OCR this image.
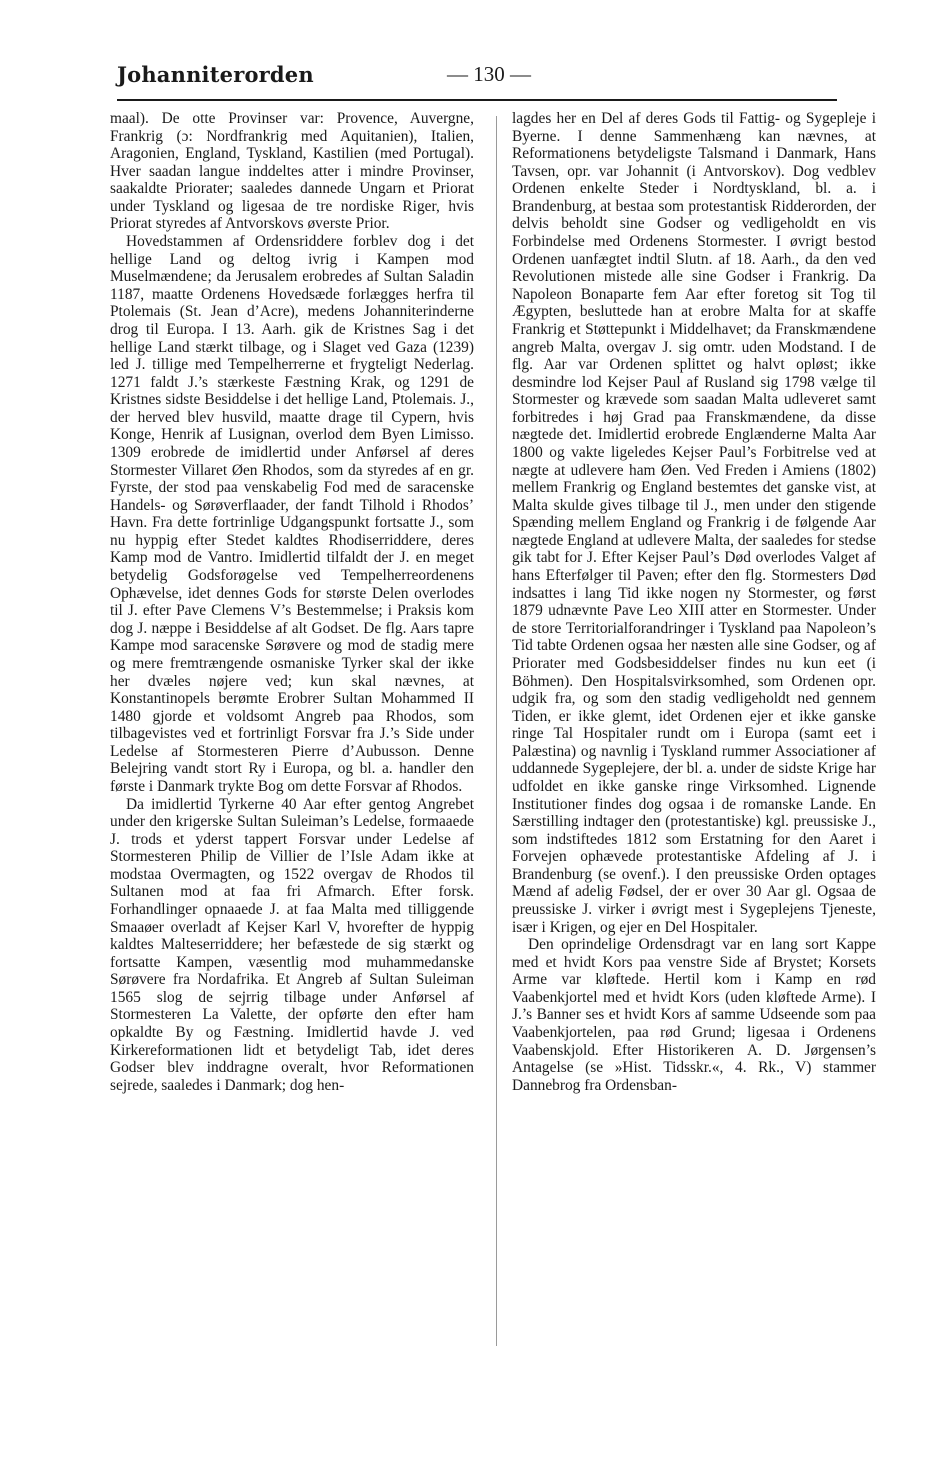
Johanniterorden	— 130 —

maal). De otte Provinser var: Provence, Auvergne, Frankrig (ɔ: Nordfrankrig med Aquitanien), Italien, Aragonien, England, Tyskland, Kastilien (med Portugal). Hver saadan langue inddeltes atter i mindre Provinser, saakaldte Priorater; saaledes dannede Ungarn et Priorat under Tyskland og ligesaa de tre nordiske Riger, hvis Priorat styredes af Antvorskovs øverste Prior.

Hovedstammen af Ordensriddere forblev dog i det hellige Land og deltog ivrig i Kampen mod Muselmændene; da Jerusalem erobredes af Sultan Saladin 1187, maatte Ordenens Hovedsæde forlægges herfra til Ptolemais (St. Jean d’Acre), medens Johanniterinderne drog til Europa. I 13. Aarh. gik de Kristnes Sag i det hellige Land stærkt tilbage, og i Slaget ved Gaza (1239) led J. tillige med Tempelherrerne et frygteligt Nederlag. 1271 faldt J.’s stærkeste Fæstning Krak, og 1291 de Kristnes sidste Besiddelse i det hellige Land, Ptolemais. J., der herved blev husvild, maatte drage til Cypern, hvis Konge, Henrik af Lusignan, overlod dem Byen Limisso. 1309 erobrede de imidlertid under Anførsel af deres Stormester Villaret Øen Rhodos, som da styredes af en gr. Fyrste, der stod paa venskabelig Fod med de saracenske Handels- og Sørøverflaader, der fandt Tilhold i Rhodos’ Havn. Fra dette fortrinlige Udgangspunkt fortsatte J., som nu hyppig efter Stedet kaldtes Rhodiserriddere, deres Kamp mod de Vantro. Imidlertid tilfaldt der J. en meget betydelig Godsforøgelse ved Tempelherreordenens Ophævelse, idet dennes Gods for største Delen overlodes til J. efter Pave Clemens V’s Bestemmelse; i Praksis kom dog J. næppe i Besiddelse af alt Godset. De flg. Aars tapre Kampe mod saracenske Sørøvere og mod de stadig mere og mere fremtrængende osmaniske Tyrker skal der ikke her dvæles nøjere ved; kun skal nævnes, at Konstantinopels berømte Erobrer Sultan Mohammed II 1480 gjorde et voldsomt Angreb paa Rhodos, som tilbagevistes ved et fortrinligt Forsvar fra J.’s Side under Ledelse af Stormesteren Pierre d’Aubusson. Denne Belejring vandt stort Ry i Europa, og bl. a. handler den første i Danmark trykte Bog om dette Forsvar af Rhodos.

Da imidlertid Tyrkerne 40 Aar efter gentog Angrebet under den krigerske Sultan Suleiman’s Ledelse, formaaede J. trods et yderst tappert Forsvar under Ledelse af Stormesteren Philip de Villier de l’Isle Adam ikke at modstaa Overmagten, og 1522 overgav de Rhodos til Sultanen mod at faa fri Afmarch. Efter forsk. Forhandlinger opnaaede J. at faa Malta med tilliggende Smaaøer overladt af Kejser Karl V, hvorefter de hyppig kaldtes Malteserriddere; her befæstede de sig stærkt og fortsatte Kampen, væsentlig mod muhammedanske Sørøvere fra Nordafrika. Et Angreb af Sultan Suleiman 1565 slog de sejrrig tilbage under Anførsel af Stormesteren La Valette, der opførte den efter ham opkaldte By og Fæstning. Imidlertid havde J. ved Kirkereformationen lidt et betydeligt Tab, idet deres Godser blev inddragne overalt, hvor Reformationen sejrede, saaledes i Danmark; dog hen-

lagdes her en Del af deres Gods til Fattig- og Sygepleje i Byerne. I denne Sammenhæng kan nævnes, at Reformationens betydeligste Talsmand i Danmark, Hans Tavsen, opr. var Johannit (i Antvorskov). Dog vedblev Ordenen enkelte Steder i Nordtyskland, bl. a. i Brandenburg, at bestaa som protestantisk Ridderorden, der delvis beholdt sine Godser og vedligeholdt en vis Forbindelse med Ordenens Stormester. I øvrigt bestod Ordenen uanfægtet indtil Slutn. af 18. Aarh., da den ved Revolutionen mistede alle sine Godser i Frankrig. Da Napoleon Bonaparte fem Aar efter foretog sit Tog til Ægypten, besluttede han at erobre Malta for at skaffe Frankrig et Støttepunkt i Middelhavet; da Franskmændene angreb Malta, overgav J. sig omtr. uden Modstand. I de flg. Aar var Ordenen splittet og halvt opløst; ikke desmindre lod Kejser Paul af Rusland sig 1798 vælge til Stormester og krævede som saadan Malta udleveret samt forbitredes i høj Grad paa Franskmændene, da disse nægtede det. Imidlertid erobrede Englænderne Malta Aar 1800 og vakte ligeledes Kejser Paul’s Forbitrelse ved at nægte at udlevere ham Øen. Ved Freden i Amiens (1802) mellem Frankrig og England bestemtes det ganske vist, at Malta skulde gives tilbage til J., men under den stigende Spænding mellem England og Frankrig i de følgende Aar nægtede England at udlevere Malta, der saaledes for stedse gik tabt for J. Efter Kejser Paul’s Død overlodes Valget af hans Efterfølger til Paven; efter den flg. Stormesters Død indsattes i lang Tid ikke nogen ny Stormester, og først 1879 udnævnte Pave Leo XIII atter en Stormester. Under de store Territorialforandringer i Tyskland paa Napoleon’s Tid tabte Ordenen ogsaa her næsten alle sine Godser, og af Priorater med Godsbesiddelser findes nu kun eet (i Böhmen). Den Hospitalsvirksomhed, som Ordenen opr. udgik fra, og som den stadig vedligeholdt ned gennem Tiden, er ikke glemt, idet Ordenen ejer et ikke ganske ringe Tal Hospitaler rundt om i Europa (samt eet i Palæstina) og navnlig i Tyskland rummer Associationer af uddannede Sygeplejere, der bl. a. under de sidste Krige har udfoldet en ikke ganske ringe Virksomhed. Lignende Institutioner findes dog ogsaa i de romanske Lande. En Særstilling indtager den (protestantiske) kgl. preussiske J., som indstiftedes 1812 som Erstatning for den Aaret i Forvejen ophævede protestantiske Afdeling af J. i Brandenburg (se ovenf.). I den preussiske Orden optages Mænd af adelig Fødsel, der er over 30 Aar gl. Ogsaa de preussiske J. virker i øvrigt mest i Sygeplejens Tjeneste, især i Krigen, og ejer en Del Hospitaler.

Den oprindelige Ordensdragt var en lang sort Kappe med et hvidt Kors paa venstre Side af Brystet; Korsets Arme var kløftede. Hertil kom i Kamp en rød Vaabenkjortel med et hvidt Kors (uden kløftede Arme). I J.’s Banner ses et hvidt Kors af samme Udseende som paa Vaabenkjortelen, paa rød Grund; ligesaa i Ordenens Vaabenskjold. Efter Historikeren A. D. Jørgensen’s Antagelse (se »Hist. Tidsskr.«, 4. Rk., V) stammer Dannebrog fra Ordensban-
